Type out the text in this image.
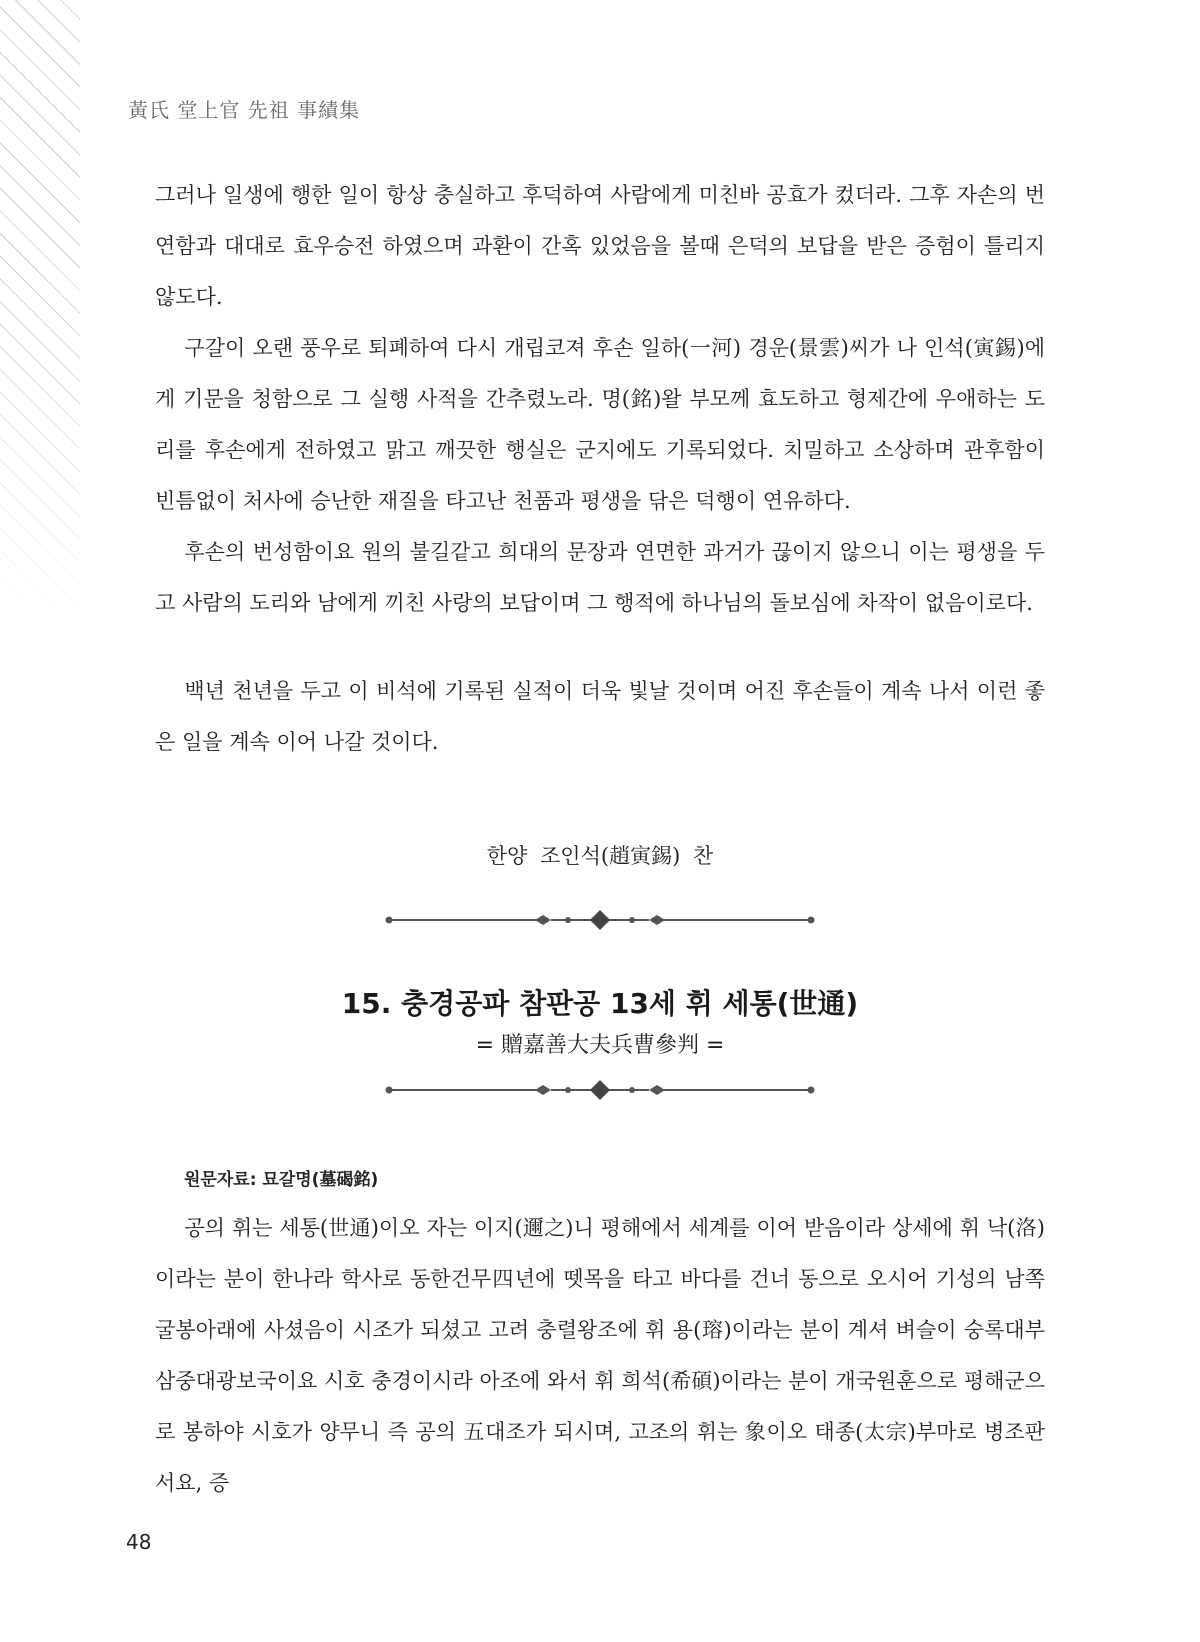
黃氏 堂上官 先祖 事績集

그러나 일생에 행한 일이 항상 충실하고 후덕하여 사람에게 미친바 공효가 컸더라. 그후 자손의 번연함과 대대로 효우승전 하였으며 과환이 간혹 있었음을 볼때 은덕의 보답을 받은 증험이 틀리지 않도다.

구갈이 오랜 풍우로 퇴폐하여 다시 개립코져 후손 일하(一河) 경운(景雲)씨가 나 인석(寅錫)에게 기문을 청함으로 그 실행 사적을 간추렸노라. 명(銘)왈 부모께 효도하고 형제간에 우애하는 도리를 후손에게 전하였고 맑고 깨끗한 행실은 군지에도 기록되었다. 치밀하고 소상하며 관후함이 빈틈없이 처사에 승난한 재질을 타고난 천품과 평생을 닦은 덕행이 연유하다.

후손의 번성함이요 원의 불길같고 희대의 문장과 연면한 과거가 끊이지 않으니 이는 평생을 두고 사람의 도리와 남에게 끼친 사랑의 보답이며 그 행적에 하나님의 돌보심에 차작이 없음이로다.

백년 천년을 두고 이 비석에 기록된 실적이 더욱 빛날 것이며 어진 후손들이 계속 나서 이런 좋은 일을 계속 이어 나갈 것이다.

한양 조인석(趙寅錫) 찬
15. 충경공파 참판공 13세 휘 세통(世通)
= 贈嘉善大夫兵曹參判 =
원문자료: 묘갈명(墓碣銘)

공의 휘는 세통(世通)이오 자는 이지(邇之)니 평해에서 세계를 이어 받음이라 상세에 휘 낙(洛)이라는 분이 한나라 학사로 동한건무四년에 뗏목을 타고 바다를 건너 동으로 오시어 기성의 남쪽 굴봉아래에 사셨음이 시조가 되셨고 고려 충렬왕조에 휘 용(瑢)이라는 분이 계셔 벼슬이 숭록대부삼중대광보국이요 시호 충경이시라 아조에 와서 휘 희석(希碩)이라는 분이 개국원훈으로 평해군으로 봉하야 시호가 양무니 즉 공의 五대조가 되시며, 고조의 휘는 象이오 태종(太宗)부마로 병조판서요, 증

48
